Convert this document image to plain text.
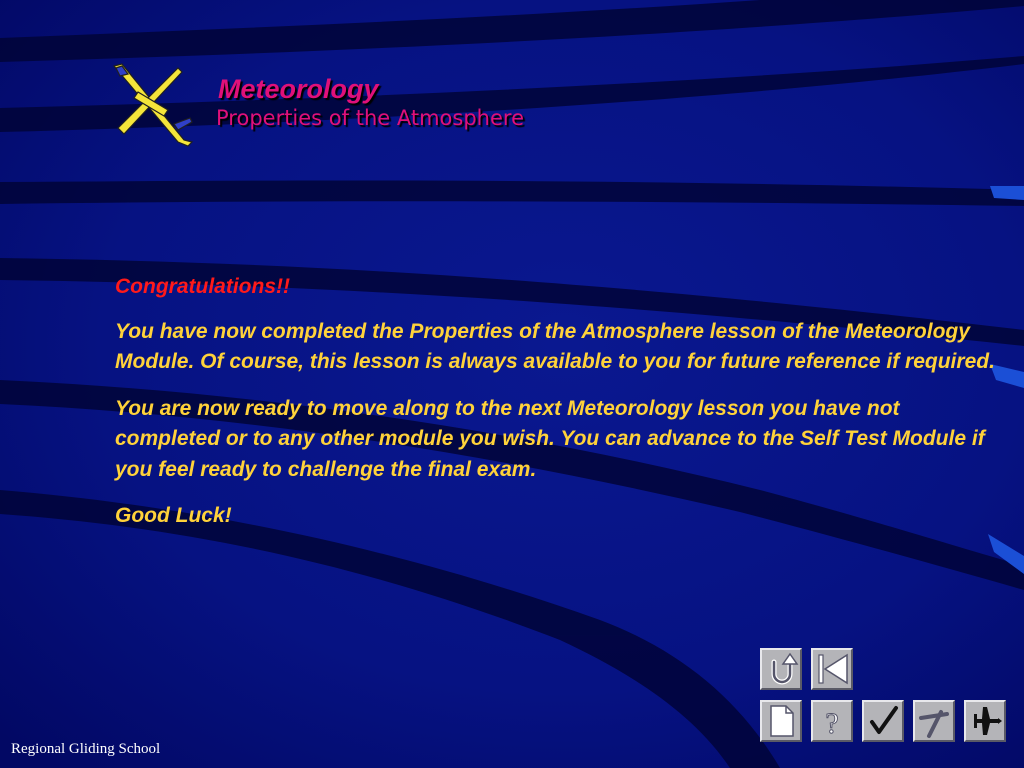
Meteorology
Properties of the Atmosphere

Congratulations!!

You have now completed the Properties of the Atmosphere lesson of the Meteorology Module. Of course, this lesson is always available to you for future reference if required.

You are now ready to move along to the next Meteorology lesson you have not completed or to any other module you wish. You can advance to the Self Test Module if you feel ready to challenge the final exam.

Good Luck!

Regional Gliding School
?
